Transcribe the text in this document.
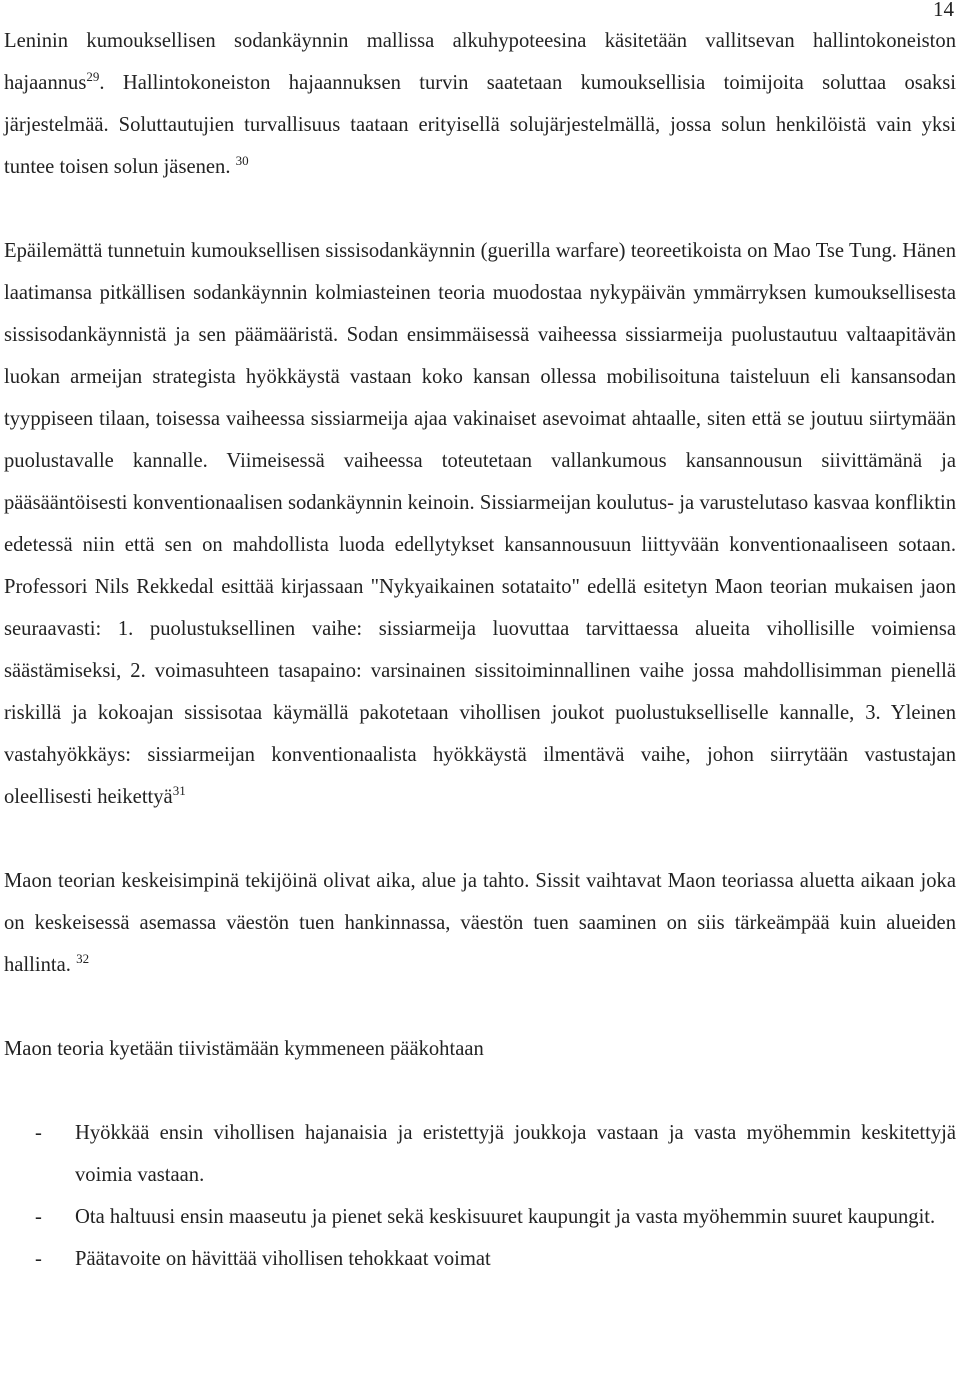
14

Leninin kumouksellisen sodankäynnin mallissa alkuhypoteesina käsitetään vallitsevan hallintokoneiston hajaannus$^{29}$. Hallintokoneiston hajaannuksen turvin saatetaan kumouksellisia toimijoita soluttaa osaksi järjestelmää. Soluttautujien turvallisuus taataan erityisellä solujärjestelmällä, jossa solun henkilöistä vain yksi tuntee toisen solun jäsenen. $^{30}$

Epäilemättä tunnetuin kumouksellisen sissisodankäynnin (guerilla warfare) teoreetikoista on Mao Tse Tung. Hänen laatimansa pitkällisen sodankäynnin kolmiasteinen teoria muodostaa nykypäivän ymmärryksen kumouksellisesta sissisodankäynnistä ja sen päämääristä. Sodan ensimmäisessä vaiheessa sissiarmeija puolustautuu valtaapitävän luokan armeijan strategista hyökkäystä vastaan koko kansan ollessa mobilisoituna taisteluun eli kansansodan tyyppiseen tilaan, toisessa vaiheessa sissiarmeija ajaa vakinaiset asevoimat ahtaalle, siten että se joutuu siirtymään puolustavalle kannalle. Viimeisessä vaiheessa toteutetaan vallankumous kansannousun siivittämänä ja pääsääntöisesti konventionaalisen sodankäynnin keinoin. Sissiarmeijan koulutus- ja varustelutaso kasvaa konfliktin edetessä niin että sen on mahdollista luoda edellytykset kansannousuun liittyvään konventionaaliseen sotaan. Professori Nils Rekkedal esittää kirjassaan "Nykyaikainen sotataito" edellä esitetyn Maon teorian mukaisen jaon seuraavasti: 1. puolustuksellinen vaihe: sissiarmeija luovuttaa tarvittaessa alueita vihollisille voimiensa säästämiseksi, 2. voimasuhteen tasapaino: varsinainen sissitoiminnallinen vaihe jossa mahdollisimman pienellä riskillä ja kokoajan sissisotaa käymällä pakotetaan vihollisen joukot puolustukselliselle kannalle, 3. Yleinen vastahyökkäys: sissiarmeijan konventionaalista hyökkäystä ilmentävä vaihe, johon siirrytään vastustajan oleellisesti heikettyä$^{31}$

Maon teorian keskeisimpinä tekijöinä olivat aika, alue ja tahto. Sissit vaihtavat Maon teoriassa aluetta aikaan joka on keskeisessä asemassa väestön tuen hankinnassa, väestön tuen saaminen on siis tärkeämpää kuin alueiden hallinta. $^{32}$

Maon teoria kyetään tiivistämään kymmeneen pääkohtaan

- Hyökkää ensin vihollisen hajanaisia ja eristettyjä joukkoja vastaan ja vasta myöhemmin keskitettyjä voimia vastaan.
- Ota haltuusi ensin maaseutu ja pienet sekä keskisuuret kaupungit ja vasta myöhemmin suuret kaupungit.
- Päätavoite on hävittää vihollisen tehokkaat voimat
